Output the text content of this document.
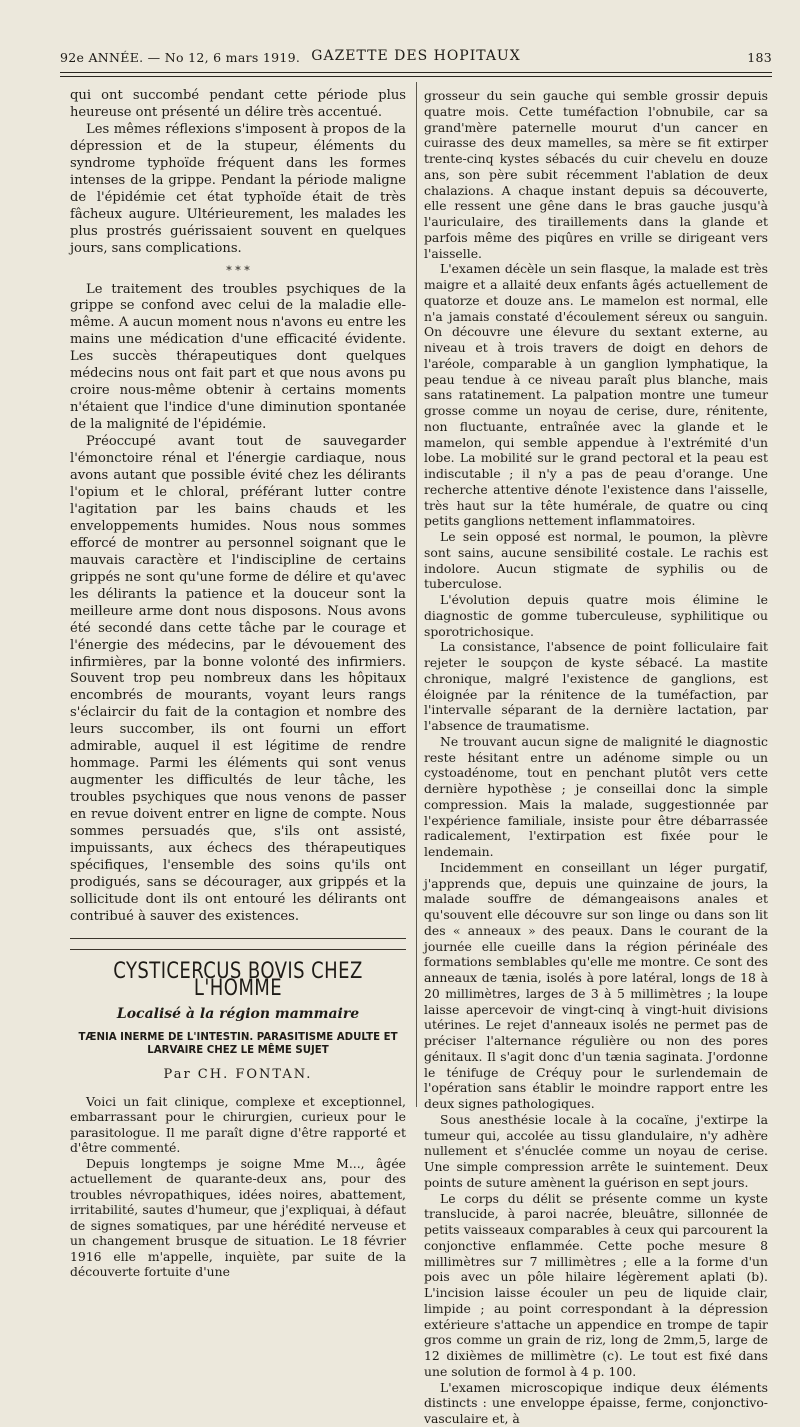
92e ANNÉE. — No 12, 6 mars 1919. GAZETTE DES HOPITAUX	183

qui ont succombé pendant cette période plus heureuse ont présenté un délire très accentué.

Les mêmes réflexions s'imposent à propos de la dépression et de la stupeur, éléments du syndrome typhoïde fréquent dans les formes intenses de la grippe. Pendant la période maligne de l'épidémie cet état typhoïde était de très fâcheux augure. Ultérieurement, les malades les plus prostrés guérissaient souvent en quelques jours, sans complications.

* * *

Le traitement des troubles psychiques de la grippe se confond avec celui de la maladie elle-même. A aucun moment nous n'avons eu entre les mains une médication d'une efficacité évidente. Les succès thérapeutiques dont quelques médecins nous ont fait part et que nous avons pu croire nous-même obtenir à certains moments n'étaient que l'indice d'une diminution spontanée de la malignité de l'épidémie.

Préoccupé avant tout de sauvegarder l'émonctoire rénal et l'énergie cardiaque, nous avons autant que possible évité chez les délirants l'opium et le chloral, préférant lutter contre l'agitation par les bains chauds et les enveloppements humides. Nous nous sommes efforcé de montrer au personnel soignant que le mauvais caractère et l'indiscipline de certains grippés ne sont qu'une forme de délire et qu'avec les délirants la patience et la douceur sont la meilleure arme dont nous disposons. Nous avons été secondé dans cette tâche par le courage et l'énergie des médecins, par le dévouement des infirmières, par la bonne volonté des infirmiers. Souvent trop peu nombreux dans les hôpitaux encombrés de mourants, voyant leurs rangs s'éclaircir du fait de la contagion et nombre des leurs succomber, ils ont fourni un effort admirable, auquel il est légitime de rendre hommage. Parmi les éléments qui sont venus augmenter les difficultés de leur tâche, les troubles psychiques que nous venons de passer en revue doivent entrer en ligne de compte. Nous sommes persuadés que, s'ils ont assisté, impuissants, aux échecs des thérapeutiques spécifiques, l'ensemble des soins qu'ils ont prodigués, sans se décourager, aux grippés et la sollicitude dont ils ont entouré les délirants ont contribué à sauver des existences.

CYSTICERCUS BOVIS CHEZ L'HOMME
Localisé à la région mammaire
TÆNIA INERME DE L'INTESTIN. PARASITISME ADULTE ET LARVAIRE CHEZ LE MÊME SUJET
Par CH. FONTAN.

Voici un fait clinique, complexe et exceptionnel, embarrassant pour le chirurgien, curieux pour le parasitologue. Il me paraît digne d'être rapporté et d'être commenté.

Depuis longtemps je soigne Mme M..., âgée actuellement de quarante-deux ans, pour des troubles névropathiques, idées noires, abattement, irritabilité, sautes d'humeur, que j'expliquai, à défaut de signes somatiques, par une hérédité nerveuse et un changement brusque de situation. Le 18 février 1916 elle m'appelle, inquiète, par suite de la découverte fortuite d'une

grosseur du sein gauche qui semble grossir depuis quatre mois. Cette tuméfaction l'obnubile, car sa grand'mère paternelle mourut d'un cancer en cuirasse des deux mamelles, sa mère se fit extirper trente-cinq kystes sébacés du cuir chevelu en douze ans, son père subit récemment l'ablation de deux chalazions. A chaque instant depuis sa découverte, elle ressent une gêne dans le bras gauche jusqu'à l'auriculaire, des tiraillements dans la glande et parfois même des piqûres en vrille se dirigeant vers l'aisselle.

L'examen décèle un sein flasque, la malade est très maigre et a allaité deux enfants âgés actuellement de quatorze et douze ans. Le mamelon est normal, elle n'a jamais constaté d'écoulement séreux ou sanguin. On découvre une élevure du sextant externe, au niveau et à trois travers de doigt en dehors de l'aréole, comparable à un ganglion lymphatique, la peau tendue à ce niveau paraît plus blanche, mais sans ratatinement. La palpation montre une tumeur grosse comme un noyau de cerise, dure, rénitente, non fluctuante, entraînée avec la glande et le mamelon, qui semble appendue à l'extrémité d'un lobe. La mobilité sur le grand pectoral et la peau est indiscutable ; il n'y a pas de peau d'orange. Une recherche attentive dénote l'existence dans l'aisselle, très haut sur la tête humérale, de quatre ou cinq petits ganglions nettement inflammatoires.

Le sein opposé est normal, le poumon, la plèvre sont sains, aucune sensibilité costale. Le rachis est indolore. Aucun stigmate de syphilis ou de tuberculose.

L'évolution depuis quatre mois élimine le diagnostic de gomme tuberculeuse, syphilitique ou sporotrichosique.

La consistance, l'absence de point folliculaire fait rejeter le soupçon de kyste sébacé. La mastite chronique, malgré l'existence de ganglions, est éloignée par la rénitence de la tuméfaction, par l'intervalle séparant de la dernière lactation, par l'absence de traumatisme.

Ne trouvant aucun signe de malignité le diagnostic reste hésitant entre un adénome simple ou un cystoadénome, tout en penchant plutôt vers cette dernière hypothèse ; je conseillai donc la simple compression. Mais la malade, suggestionnée par l'expérience familiale, insiste pour être débarrassée radicalement, l'extirpation est fixée pour le lendemain.

Incidemment en conseillant un léger purgatif, j'apprends que, depuis une quinzaine de jours, la malade souffre de démangeaisons anales et qu'souvent elle découvre sur son linge ou dans son lit des « anneaux » des peaux. Dans le courant de la journée elle cueille dans la région périnéale des formations semblables qu'elle me montre. Ce sont des anneaux de tænia, isolés à pore latéral, longs de 18 à 20 millimètres, larges de 3 à 5 millimètres ; la loupe laisse apercevoir de vingt-cinq à vingt-huit divisions utérines. Le rejet d'anneaux isolés ne permet pas de préciser l'alternance régulière ou non des pores génitaux. Il s'agit donc d'un tænia saginata. J'ordonne le ténifuge de Créquy pour le surlendemain de l'opération sans établir le moindre rapport entre les deux signes pathologiques.

Sous anesthésie locale à la cocaïne, j'extirpe la tumeur qui, accolée au tissu glandulaire, n'y adhère nullement et s'énuclée comme un noyau de cerise. Une simple compression arrête le suintement. Deux points de suture amènent la guérison en sept jours.

Le corps du délit se présente comme un kyste translucide, à paroi nacrée, bleuâtre, sillonnée de petits vaisseaux comparables à ceux qui parcourent la conjonctive enflammée. Cette poche mesure 8 millimètres sur 7 millimètres ; elle a la forme d'un pois avec un pôle hilaire légèrement aplati (b). L'incision laisse écouler un peu de liquide clair, limpide ; au point correspondant à la dépression extérieure s'attache un appendice en trompe de tapir gros comme un grain de riz, long de 2mm,5, large de 12 dixièmes de millimètre (c). Le tout est fixé dans une solution de formol à 4 p. 100.

L'examen microscopique indique deux éléments distincts : une enveloppe épaisse, ferme, conjonctivo-vasculaire et, à
